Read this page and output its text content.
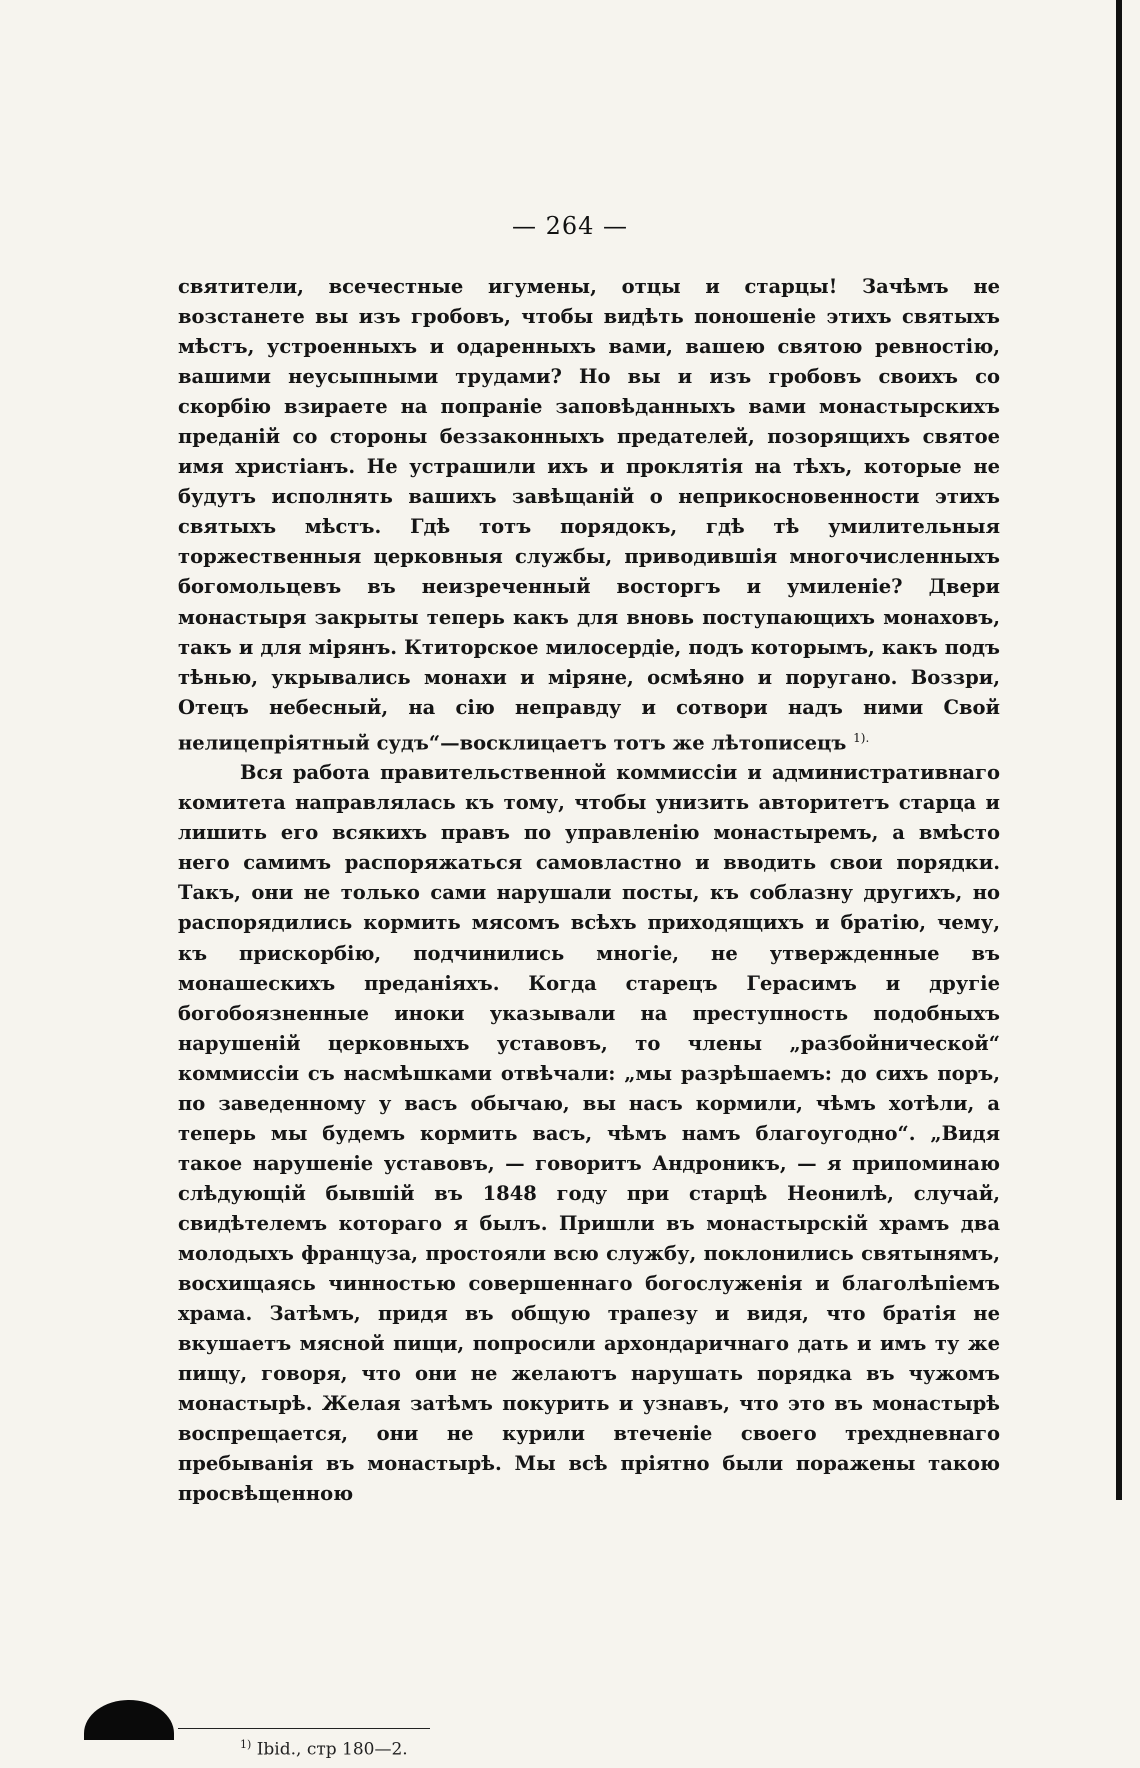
— 264 —

святители, всечестные игумены, отцы и старцы! Зачѣмъ не возстанете вы изъ гробовъ, чтобы видѣть поношеніе этихъ святыхъ мѣстъ, устроенныхъ и одаренныхъ вами, вашею святою ревностію, вашими неусыпными трудами? Но вы и изъ гробовъ своихъ со скорбію взираете на попраніе заповѣданныхъ вами монастырскихъ преданій со стороны беззаконныхъ предателей, позорящихъ святое имя христіанъ. Не устрашили ихъ и проклятія на тѣхъ, которые не будутъ исполнять вашихъ завѣщаній о неприкосновенности этихъ святыхъ мѣстъ. Гдѣ тотъ порядокъ, гдѣ тѣ умилительныя торжественныя церковныя службы, приводившія многочисленныхъ богомольцевъ въ неизреченный восторгъ и умиленіе? Двери монастыря закрыты теперь какъ для вновь поступающихъ монаховъ, такъ и для мірянъ. Ктиторское милосердіе, подъ которымъ, какъ подъ тѣнью, укрывались монахи и міряне, осмѣяно и поругано. Воззри, Отецъ небесный, на сію неправду и сотвори надъ ними Свой нелицепріятный судъ“—восклицаетъ тотъ же лѣтописецъ $^{1).}$

Вся работа правительственной коммиссіи и административнаго комитета направлялась къ тому, чтобы унизить авторитетъ старца и лишить его всякихъ правъ по управленію монастыремъ, а вмѣсто него самимъ распоряжаться самовластно и вводить свои порядки. Такъ, они не только сами нарушали посты, къ соблазну другихъ, но распорядились кормить мясомъ всѣхъ приходящихъ и братію, чему, къ прискорбію, подчинились многіе, не утвержденные въ монашескихъ преданіяхъ. Когда старецъ Герасимъ и другіе богобоязненные иноки указывали на преступность подобныхъ нарушеній церковныхъ уставовъ, то члены „разбойнической“ коммиссіи съ насмѣшками отвѣчали: „мы разрѣшаемъ: до сихъ поръ, по заведенному у васъ обычаю, вы насъ кормили, чѣмъ хотѣли, а теперь мы будемъ кормить васъ, чѣмъ намъ благоугодно“. „Видя такое нарушеніе уставовъ, — говоритъ Андроникъ, — я припоминаю слѣдующій бывшій въ 1848 году при старцѣ Неонилѣ, случай, свидѣтелемъ котораго я былъ. Пришли въ монастырскій храмъ два молодыхъ француза, простояли всю службу, поклонились святынямъ, восхищаясь чинностью совершеннаго богослуженія и благолѣпіемъ храма. Затѣмъ, придя въ общую трапезу и видя, что братія не вкушаетъ мясной пищи, попросили архондаричнаго дать и имъ ту же пищу, говоря, что они не желаютъ нарушать порядка въ чужомъ монастырѣ. Желая затѣмъ покурить и узнавъ, что это въ монастырѣ воспрещается, они не курили втеченіе своего трехдневнаго пребыванія въ монастырѣ. Мы всѣ пріятно были поражены такою просвѣщенною

$^{1)}$ Ibid., стр 180—2.
